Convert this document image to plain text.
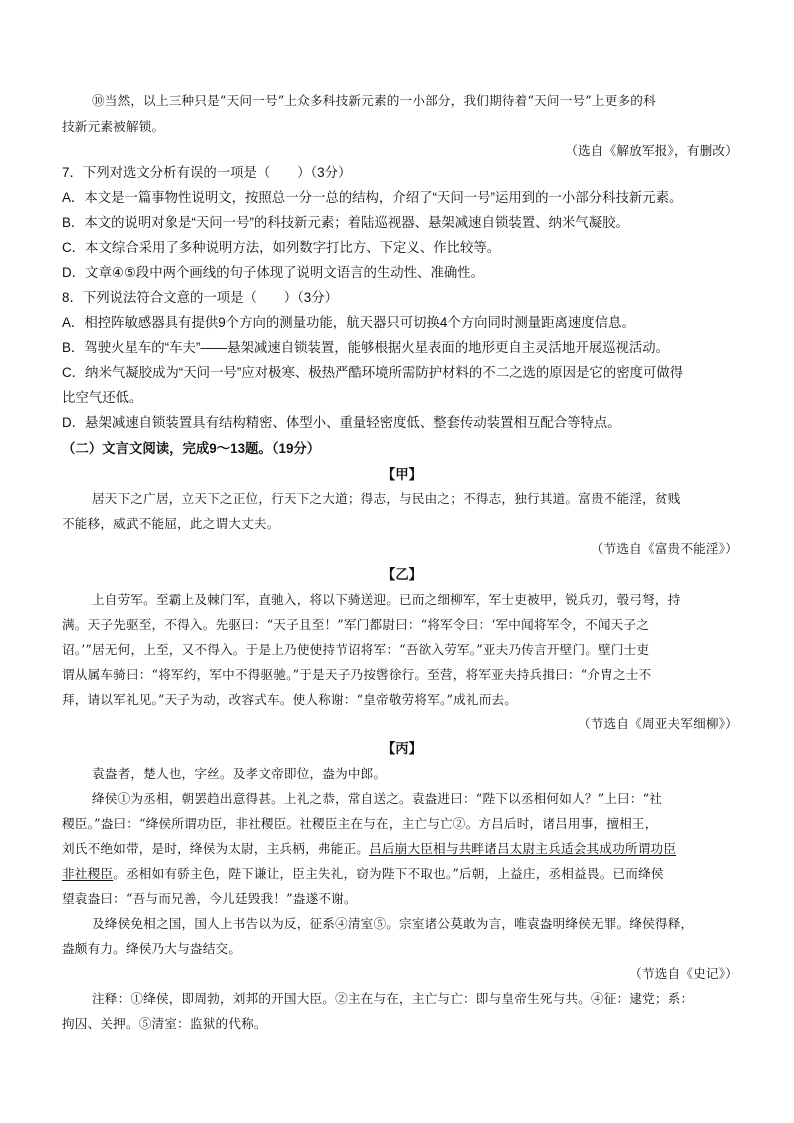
⑩当然，以上三种只是“天问一号”上众多科技新元素的一小部分，我们期待着“天问一号”上更多的科
技新元素被解锁。
（选自《解放军报》，有删改）
7．下列对选文分析有误的一项是（　　）（3分）
A．本文是一篇事物性说明文，按照总一分一总的结构，介绍了“天问一号”运用到的一小部分科技新元素。
B．本文的说明对象是“天问一号”的科技新元素；着陆巡视器、悬架减速自锁装置、纳米气凝胶。
C．本文综合采用了多种说明方法，如列数字打比方、下定义、作比较等。
D．文章④⑤段中两个画线的句子体现了说明文语言的生动性、准确性。
8．下列说法符合文意的一项是（　　）（3分）
A．相控阵敏感器具有提供9个方向的测量功能，航天器只可切换4个方向同时测量距离速度信息。
B．驾驶火星车的“车夫”——悬架减速自锁装置，能够根据火星表面的地形更自主灵活地开展巡视活动。
C．纳米气凝胶成为“天问一号”应对极寒、极热严酷环境所需防护材料的不二之选的原因是它的密度可做得
比空气还低。
D．悬架减速自锁装置具有结构精密、体型小、重量轻密度低、整套传动装置相互配合等特点。
（二）文言文阅读，完成9～13题。（19分）
【甲】
居天下之广居，立天下之正位，行天下之大道；得志，与民由之；不得志，独行其道。富贵不能淫，贫贱
不能移，威武不能屈，此之谓大丈夫。
（节选自《富贵不能淫》）
【乙】
上自劳军。至霸上及棘门军，直驰入，将以下骑送迎。已而之细柳军，军士吏被甲，锐兵刃，彀弓弩，持
满。天子先驱至，不得入。先驱曰：“天子且至！”军门都尉曰：“将军令曰：‘军中闻将军令，不闻天子之
诏。’”居无何，上至，又不得入。于是上乃使使持节诏将军：“吾欲入劳军。”亚夫乃传言开壁门。壁门士吏
谓从属车骑曰：“将军约，军中不得驱驰。”于是天子乃按辔徐行。至营，将军亚夫持兵揖曰：“介胄之士不
拜，请以军礼见。”天子为动，改容式车。使人称谢：“皇帝敬劳将军。”成礼而去。
（节选自《周亚夫军细柳》）
【丙】
袁盎者，楚人也，字丝。及孝文帝即位，盎为中郎。
绛侯①为丞相，朝罢趋出意得甚。上礼之恭，常自送之。袁盎进曰：“陛下以丞相何如人？”上曰：“社
稷臣。”盎曰：“绛侯所谓功臣，非社稷臣。社稷臣主在与在，主亡与亡②。方吕后时，诸吕用事，擅相王，
刘氏不绝如带，是时，绛侯为太尉，主兵柄，弗能正。吕后崩大臣相与共畔诸吕太尉主兵适会其成功所谓功臣
非社稷臣。丞相如有骄主色，陛下谦让，臣主失礼，窃为陛下不取也。”后朝，上益庄，丞相益畏。已而绛侯
望袁盎曰：“吾与而兄善，今儿廷毁我！”盎遂不谢。
及绛侯免相之国，国人上书告以为反，征系④清室⑤。宗室诸公莫敢为言，唯袁盎明绛侯无罪。绛侯得释，
盎颇有力。绛侯乃大与盎结交。
（节选自《史记》）
注释：①绛侯，即周勃，刘邦的开国大臣。②主在与在，主亡与亡：即与皇帝生死与共。④征：逮党；系：
拘囚、关押。⑤清室：监狱的代称。
